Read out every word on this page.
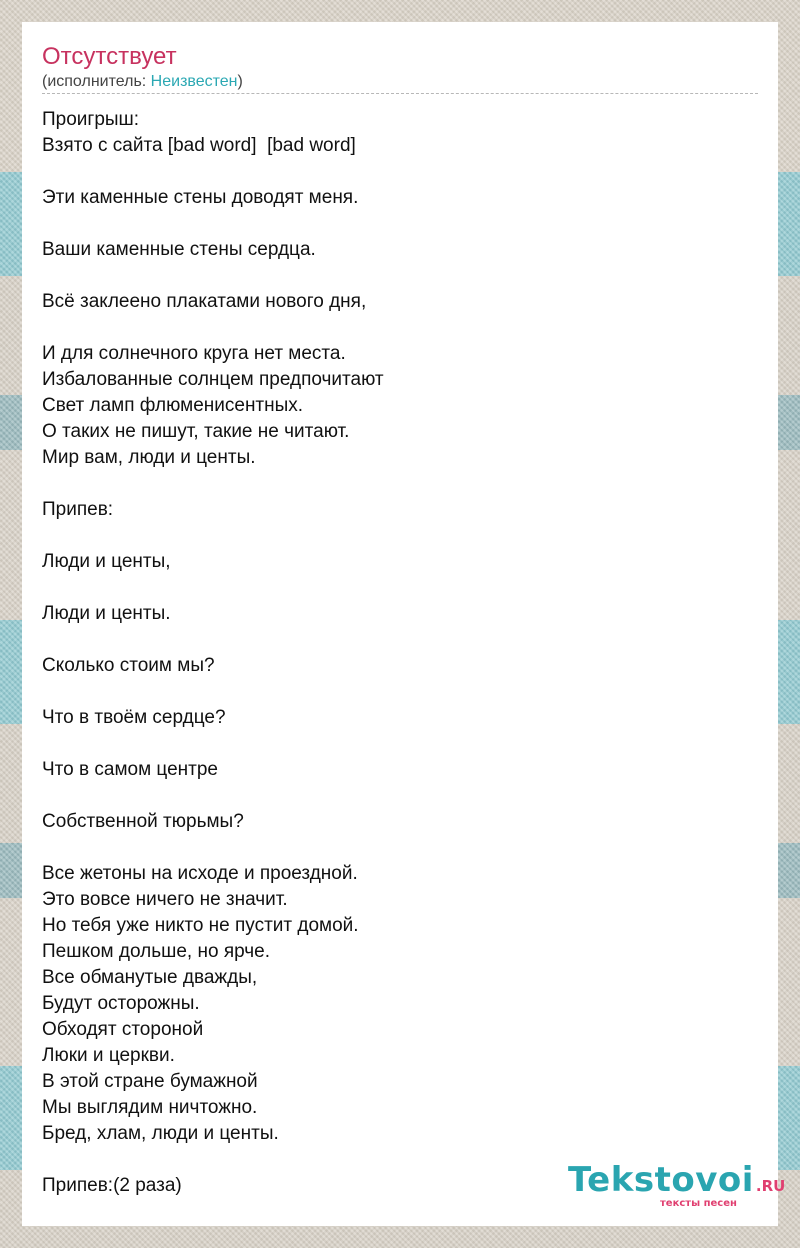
Отсутствует
(исполнитель: Неизвестен)
Проигрыш:
Взято с сайта [bad word]  [bad word]

Эти каменные стены доводят меня.

Ваши каменные стены сердца.

Всё заклеено плакатами нового дня,

И для солнечного круга нет места.
Избалованные солнцем предпочитают
Свет ламп флюменисентных.
О таких не пишут, такие не читают.
Мир вам, люди и центы.

Припев:

Люди и центы,

Люди и центы.

Сколько стоим мы?

Что в твоём сердце?

Что в самом центре

Собственной тюрьмы?

Все жетоны на исходе и проездной.
Это вовсе ничего не значит.
Но тебя уже никто не пустит домой.
Пешком дольше, но ярче.
Все обманутые дважды,
Будут осторожны.
Обходят стороной
Люки и церкви.
В этой стране бумажной
Мы выглядим ничтожно.
Бред, хлам, люди и центы.

Припев:(2 раза)	Tekstovoi .RU
тексты песен
